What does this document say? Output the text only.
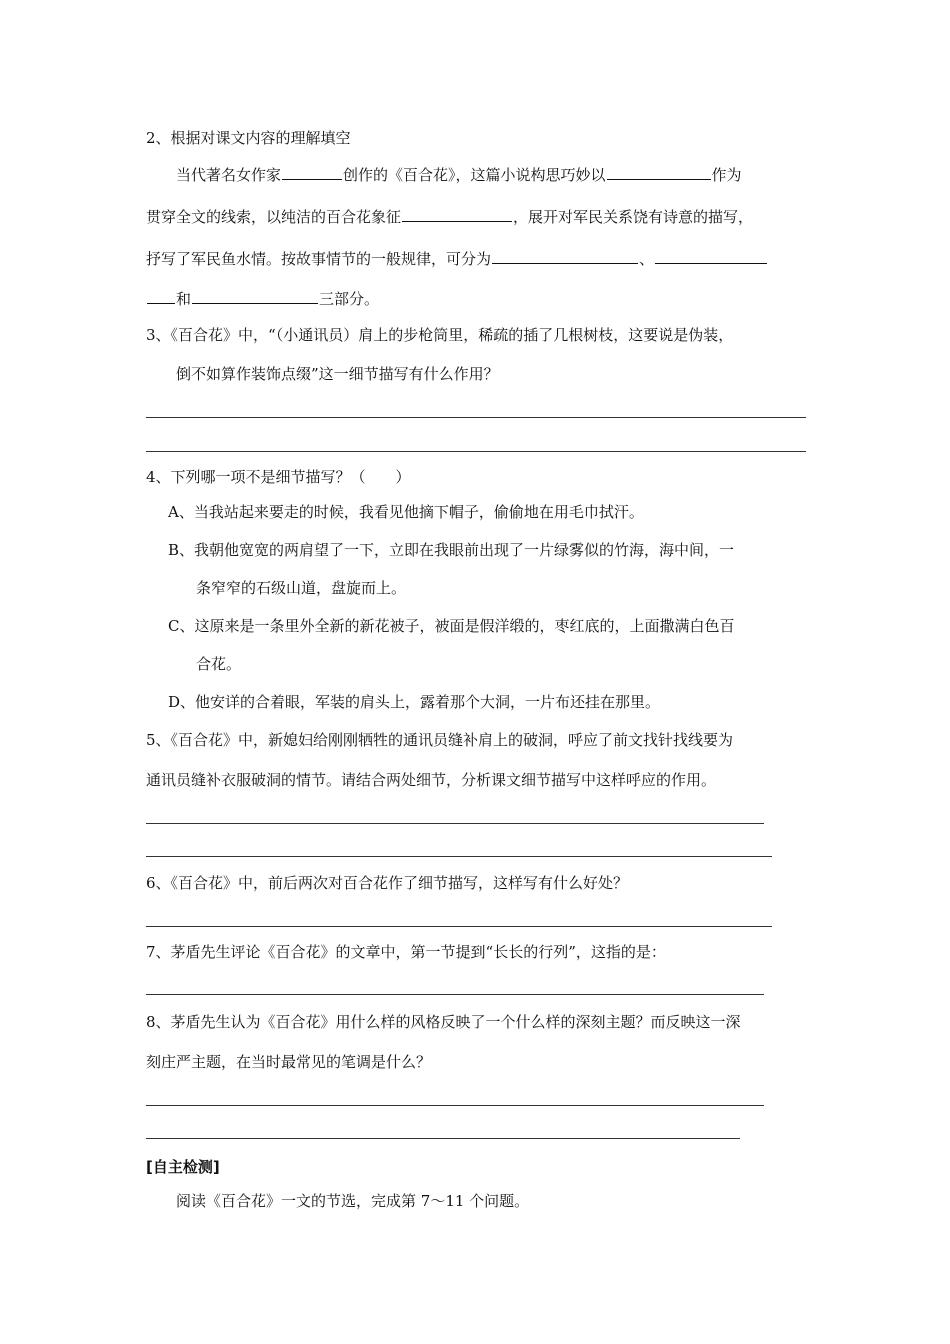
2、根据对课文内容的理解填空
当代著名女作家	创作的《百合花》，这篇小说构思巧妙以	作为
贯穿全文的线索，以纯洁的百合花象征	，展开对军民关系饶有诗意的描写，
抒写了军民鱼水情。按故事情节的一般规律，可分为	、
和	三部分。
3、《百合花》中，“（小通讯员）肩上的步枪筒里，稀疏的插了几根树枝，这要说是伪装，
倒不如算作装饰点缀”这一细节描写有什么作用？
4、下列哪一项不是细节描写？（　　）
A、当我站起来要走的时候，我看见他摘下帽子，偷偷地在用毛巾拭汗。
B、我朝他宽宽的两肩望了一下，立即在我眼前出现了一片绿雾似的竹海，海中间，一
条窄窄的石级山道，盘旋而上。
C、这原来是一条里外全新的新花被子，被面是假洋缎的，枣红底的，上面撒满白色百
合花。
D、他安详的合着眼，军装的肩头上，露着那个大洞，一片布还挂在那里。
5、《百合花》中，新媳妇给刚刚牺牲的通讯员缝补肩上的破洞，呼应了前文找针找线要为
通讯员缝补衣服破洞的情节。请结合两处细节，分析课文细节描写中这样呼应的作用。
6、《百合花》中，前后两次对百合花作了细节描写，这样写有什么好处？
7、茅盾先生评论《百合花》的文章中，第一节提到“长长的行列”，这指的是：
8、茅盾先生认为《百合花》用什么样的风格反映了一个什么样的深刻主题？而反映这一深
刻庄严主题，在当时最常见的笔调是什么？
[自主检测]
阅读《百合花》一文的节选，完成第 7～11 个问题。
